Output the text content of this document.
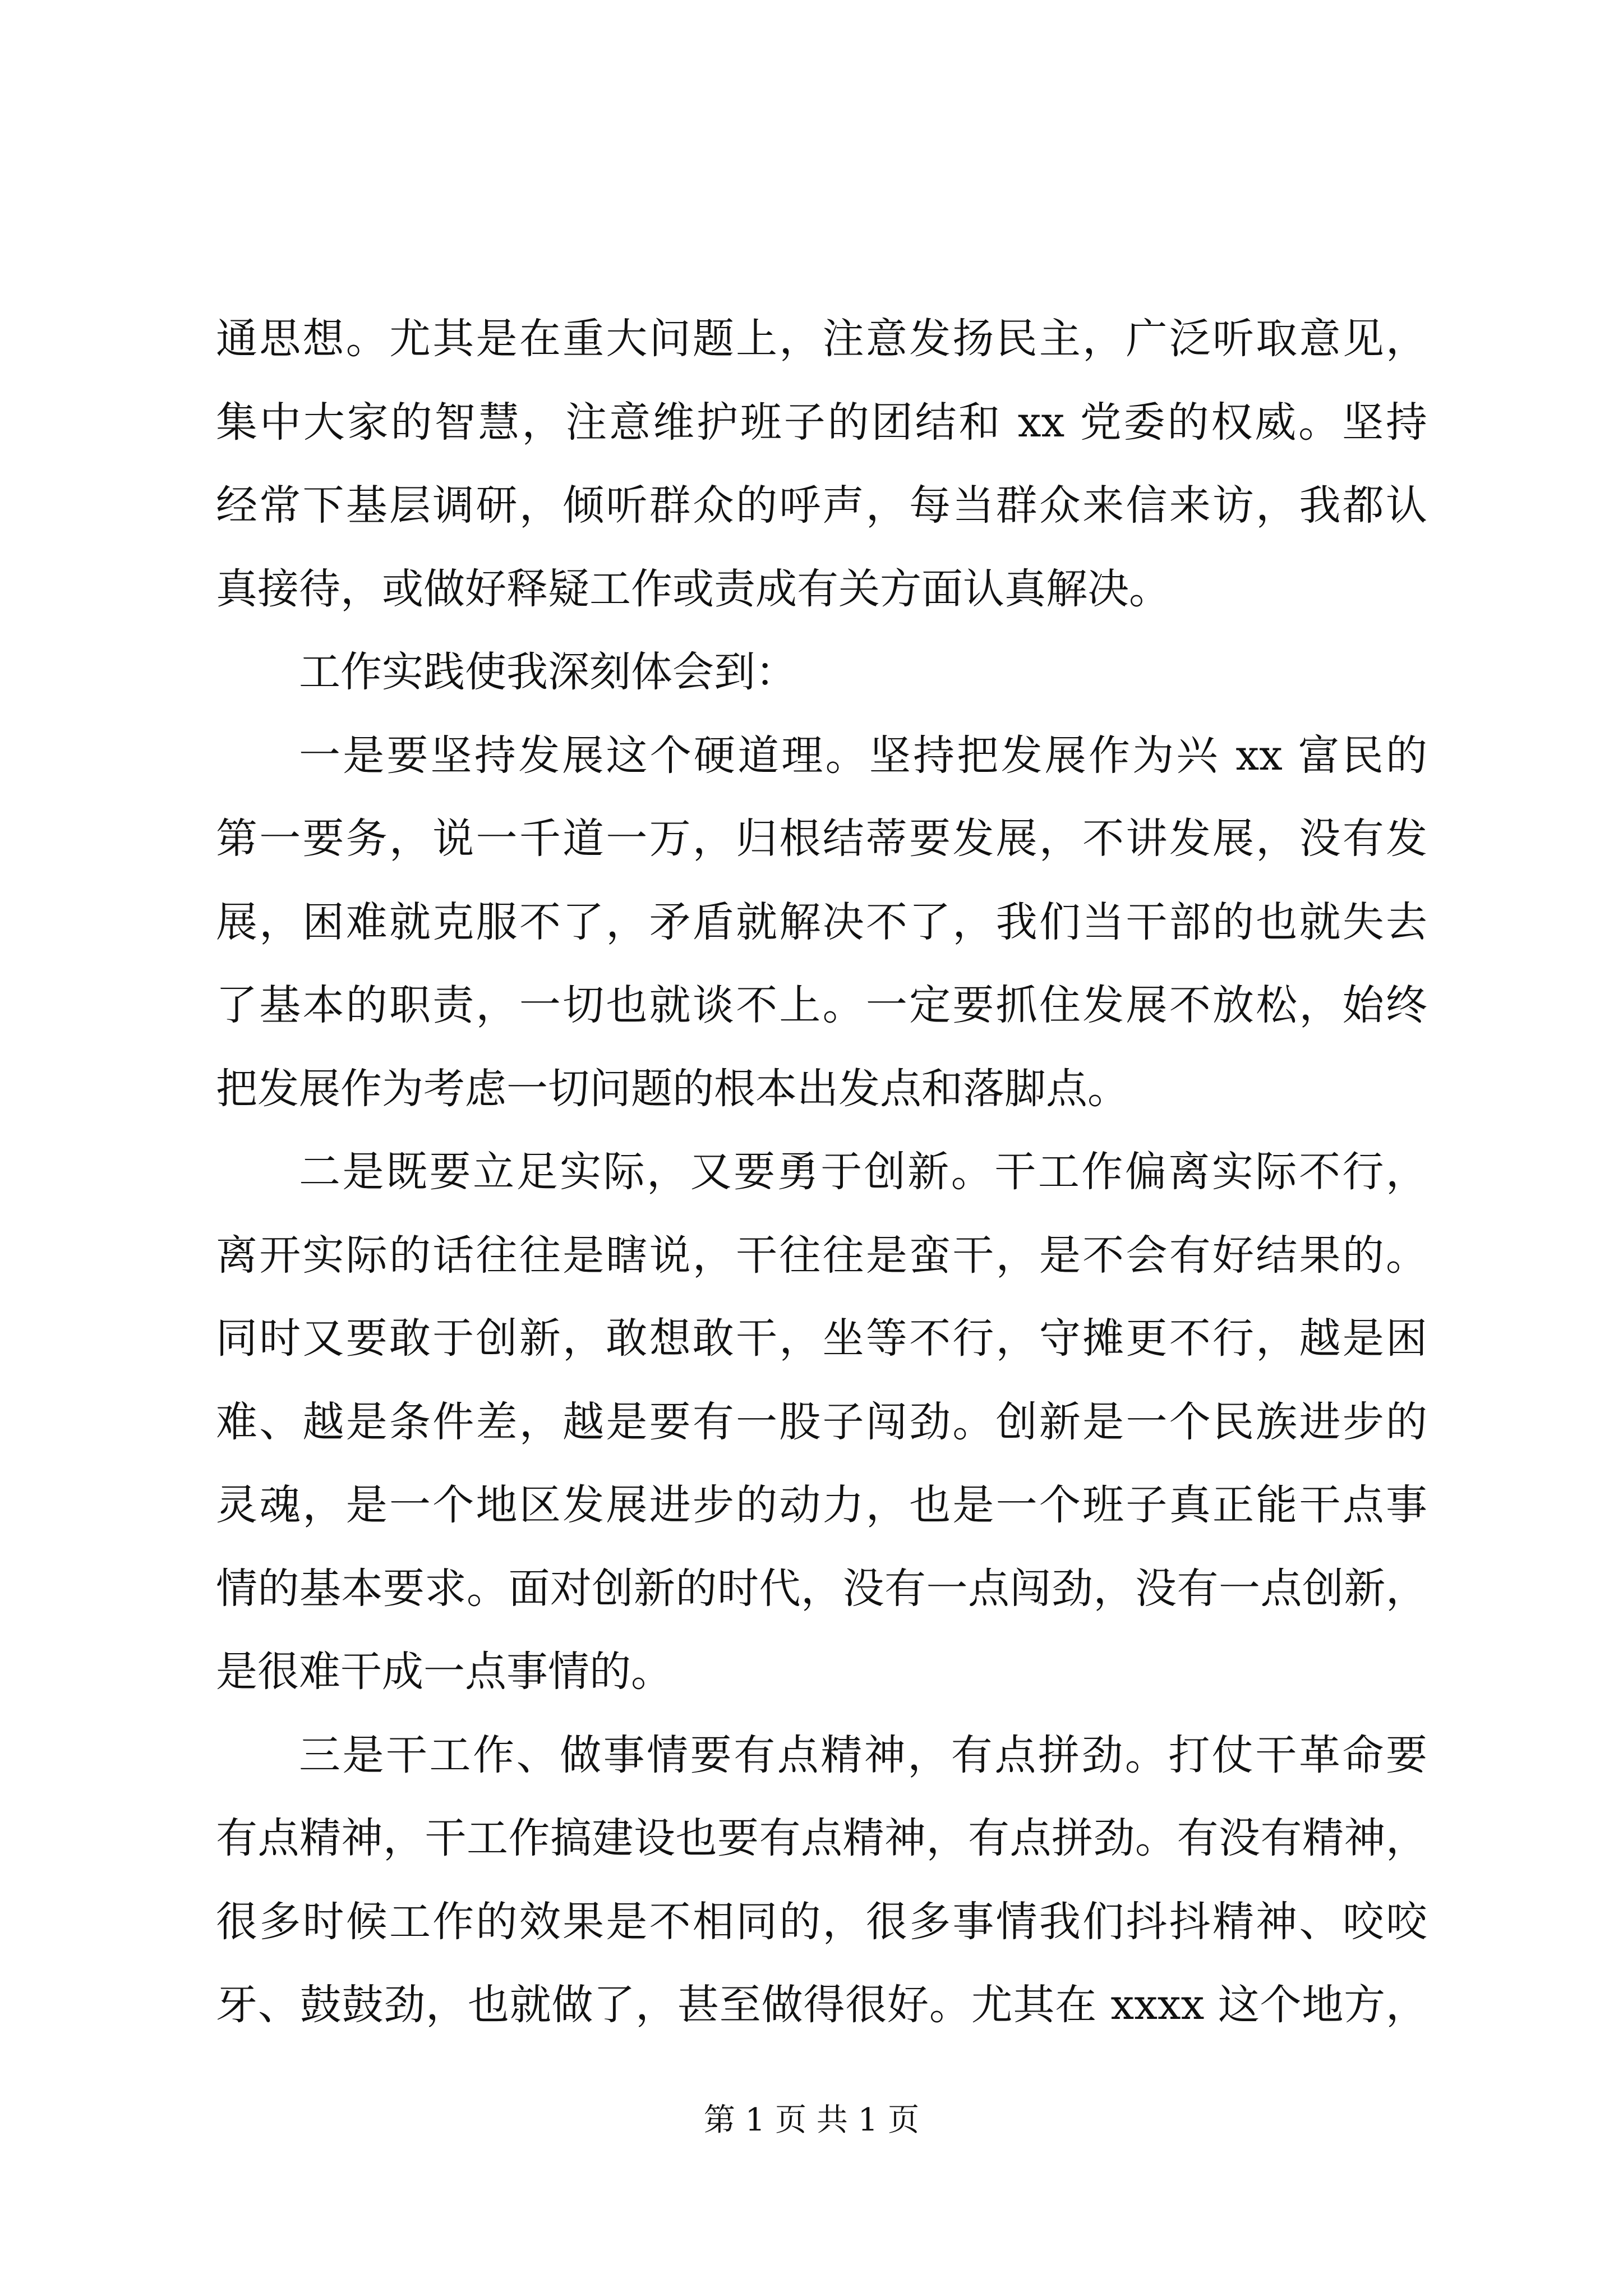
通思想。尤其是在重大问题上，注意发扬民主，广泛听取意见，
集中大家的智慧，注意维护班子的团结和 xx 党委的权威。坚持
经常下基层调研，倾听群众的呼声，每当群众来信来访，我都认
真接待，或做好释疑工作或责成有关方面认真解决。
工作实践使我深刻体会到：
一是要坚持发展这个硬道理。坚持把发展作为兴 xx 富民的
第一要务，说一千道一万，归根结蒂要发展，不讲发展，没有发
展，困难就克服不了，矛盾就解决不了，我们当干部的也就失去
了基本的职责，一切也就谈不上。一定要抓住发展不放松，始终
把发展作为考虑一切问题的根本出发点和落脚点。
二是既要立足实际，又要勇于创新。干工作偏离实际不行，
离开实际的话往往是瞎说，干往往是蛮干，是不会有好结果的。
同时又要敢于创新，敢想敢干，坐等不行，守摊更不行，越是困
难、越是条件差，越是要有一股子闯劲。创新是一个民族进步的
灵魂，是一个地区发展进步的动力，也是一个班子真正能干点事
情的基本要求。面对创新的时代，没有一点闯劲，没有一点创新，
是很难干成一点事情的。
三是干工作、做事情要有点精神，有点拼劲。打仗干革命要
有点精神，干工作搞建设也要有点精神，有点拼劲。有没有精神，
很多时候工作的效果是不相同的，很多事情我们抖抖精神、咬咬
牙、鼓鼓劲，也就做了，甚至做得很好。尤其在 xxxx 这个地方，
第 1 页 共 1 页
